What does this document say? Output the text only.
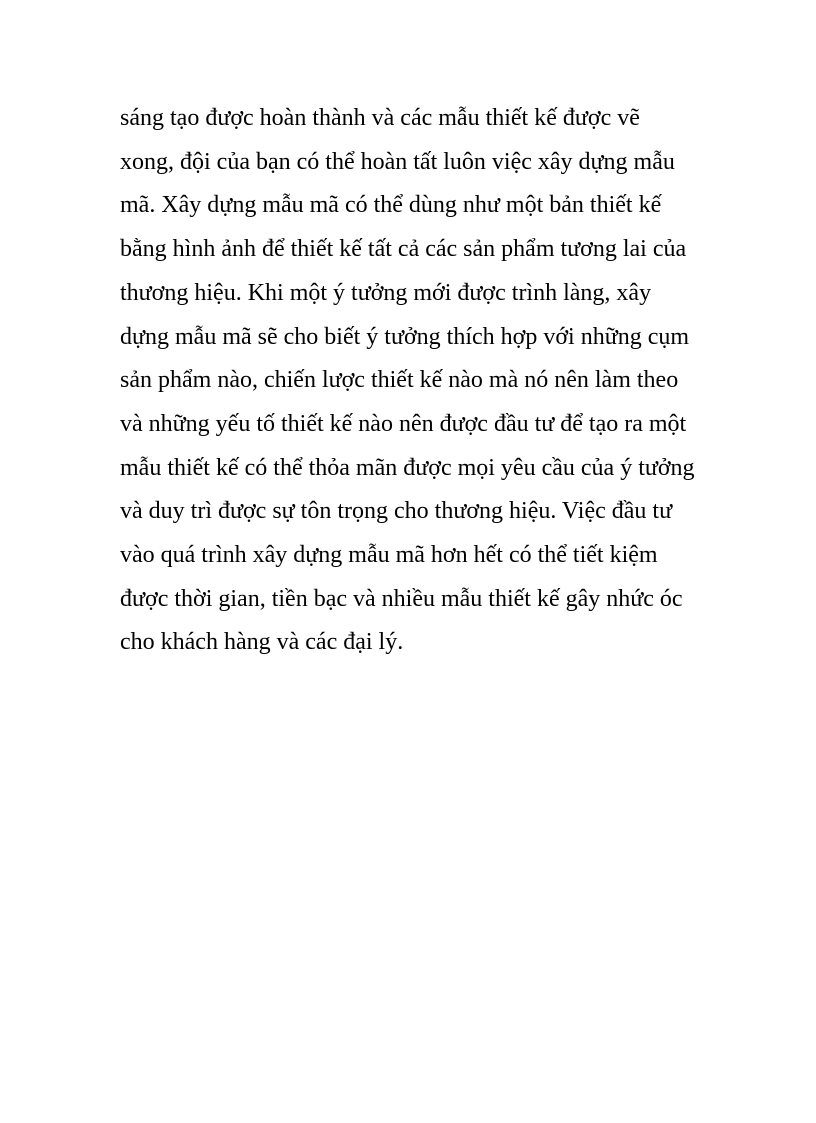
sáng tạo được hoàn thành và các mẫu thiết kế được vẽ
xong, đội của bạn có thể hoàn tất luôn việc xây dựng mẫu
mã. Xây dựng mẫu mã có thể dùng như một bản thiết kế
bằng hình ảnh để thiết kế tất cả các sản phẩm tương lai của
thương hiệu. Khi một ý tưởng mới được trình làng, xây
dựng mẫu mã sẽ cho biết ý tưởng thích hợp với những cụm
sản phẩm nào, chiến lược thiết kế nào mà nó nên làm theo
và những yếu tố thiết kế nào nên được đầu tư để tạo ra một
mẫu thiết kế có thể thỏa mãn được mọi yêu cầu của ý tưởng
và duy trì được sự tôn trọng cho thương hiệu. Việc đầu tư
vào quá trình xây dựng mẫu mã hơn hết có thể tiết kiệm
được thời gian, tiền bạc và nhiều mẫu thiết kế gây nhức óc
cho khách hàng và các đại lý.
